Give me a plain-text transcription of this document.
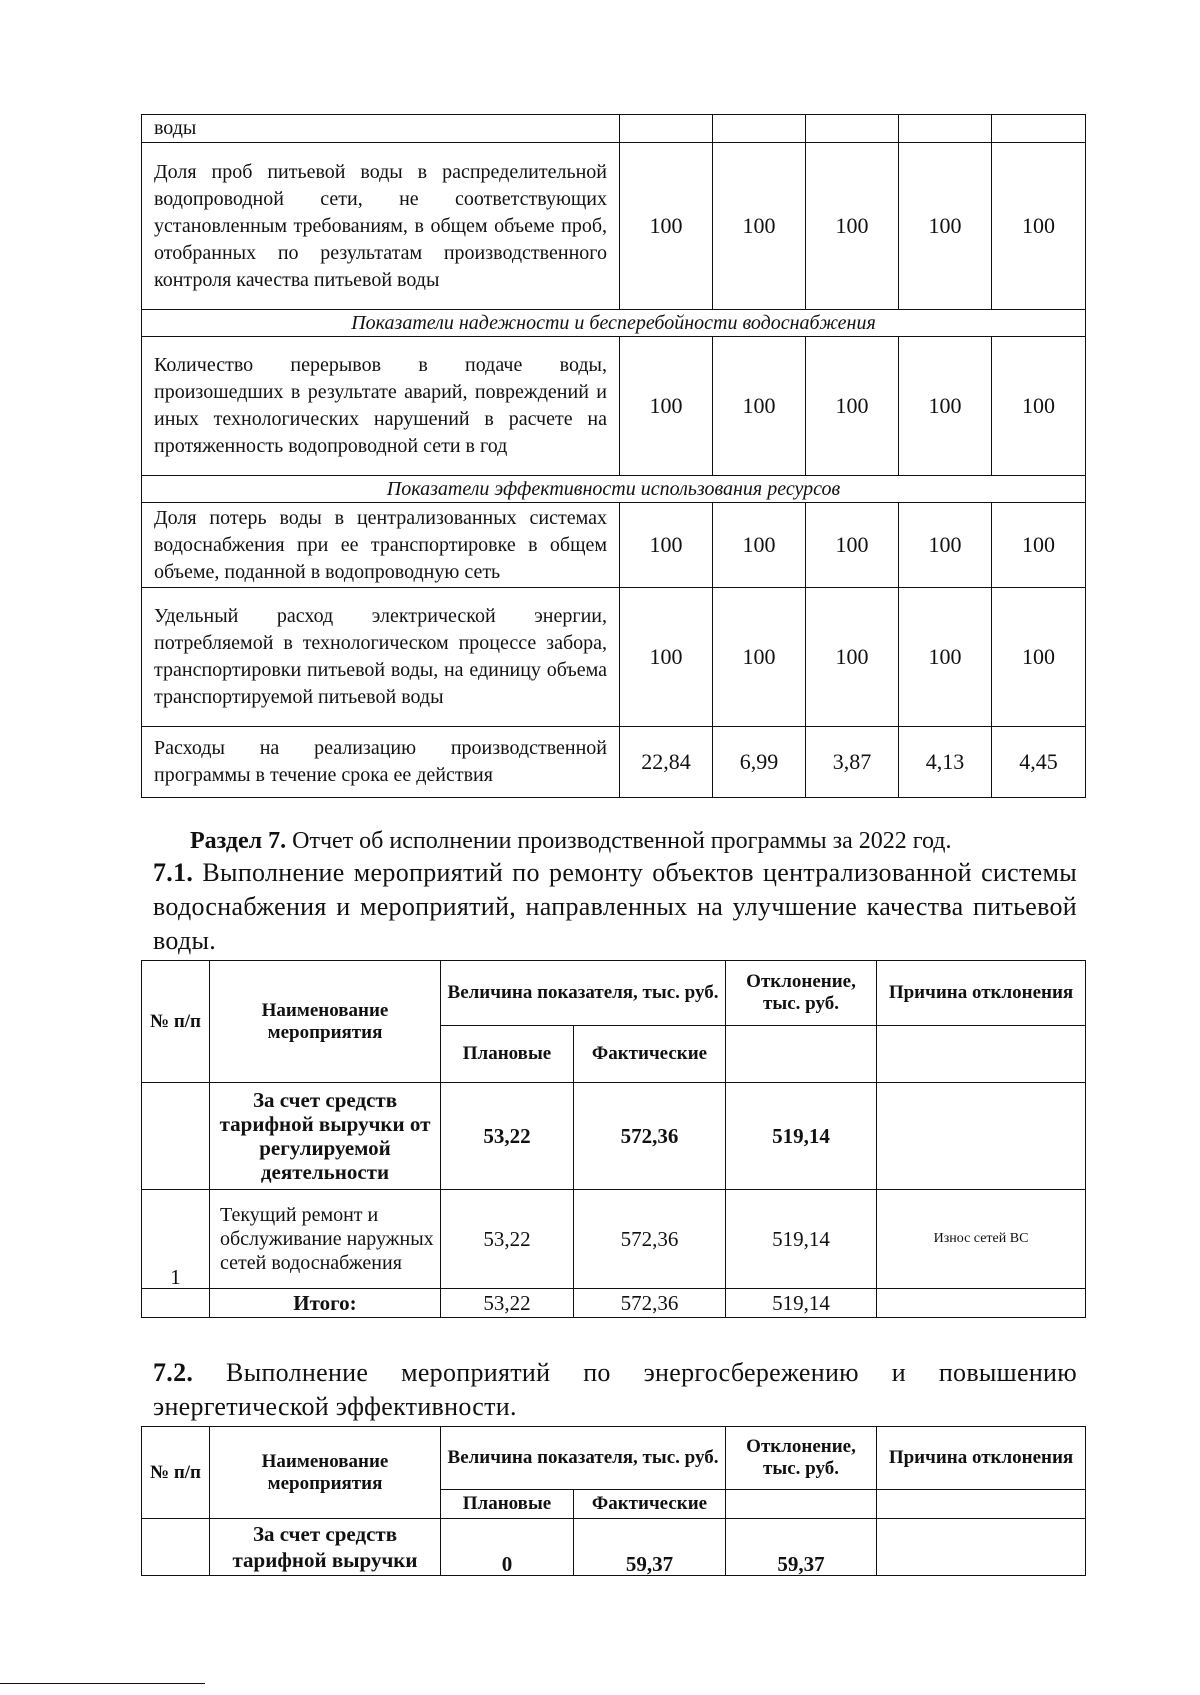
воды					
Доля проб питьевой воды в распределительной водопроводной сети, не соответствующих установленным требованиям, в общем объеме проб, отобранных по результатам производственного контроля качества питьевой воды	100	100	100	100	100
Показатели надежности и бесперебойности водоснабжения					
Количество перерывов в подаче воды, произошедших в результате аварий, повреждений и иных технологических нарушений в расчете на протяженность водопроводной сети в год	100	100	100	100	100
Показатели эффективности использования ресурсов					
Доля потерь воды в централизованных системах водоснабжения при ее транспортировке в общем объеме, поданной в водопроводную сеть	100	100	100	100	100
Удельный расход электрической энергии, потребляемой в технологическом процессе забора, транспортировки питьевой воды, на единицу объема транспортируемой питьевой воды	100	100	100	100	100
Расходы на реализацию производственной программы в течение срока ее действия	22,84	6,99	3,87	4,13	4,45
Раздел 7. Отчет об исполнении производственной программы за 2022 год.
7.1. Выполнение мероприятий по ремонту объектов централизованной системы водоснабжения и мероприятий, направленных на улучшение качества питьевой воды.
№ п/п	Наименование мероприятия	Величина показателя, тыс. руб.		Отклонение, тыс. руб.	Причина отклонения
		Плановые	Фактические		
	За счет средств тарифной выручки от регулируемой деятельности	53,22	572,36	519,14	
1	Текущий ремонт и обслуживание наружных сетей водоснабжения	53,22	572,36	519,14	Износ сетей ВС
	Итого:	53,22	572,36	519,14	
7.2. Выполнение мероприятий по энергосбережению и повышению энергетической эффективности.
№ п/п	Наименование мероприятия	Величина показателя, тыс. руб.		Отклонение, тыс. руб.	Причина отклонения
		Плановые	Фактические		
	За счет средств тарифной выручки	0	59,37	59,37	
